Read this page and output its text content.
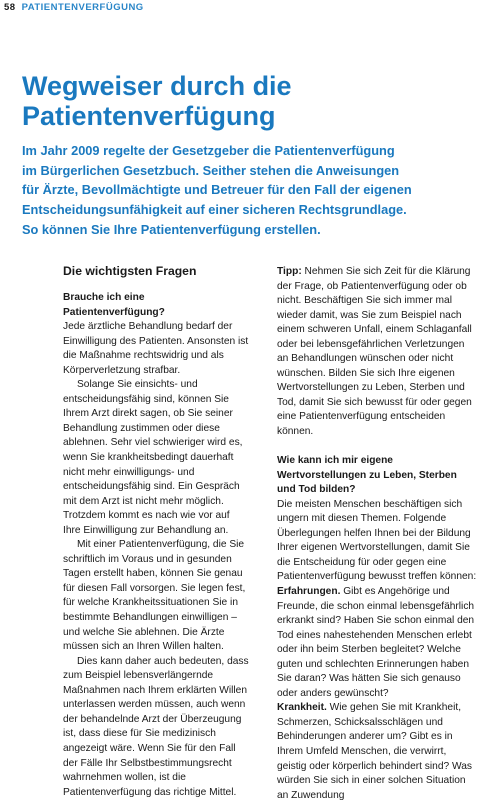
58 PATIENTENVERFÜGUNG
Wegweiser durch die
Patientenverfügung

Im Jahr 2009 regelte der Gesetzgeber die Patientenverfügung
im Bürgerlichen Gesetzbuch. Seither stehen die Anweisungen
für Ärzte, Bevollmächtigte und Betreuer für den Fall der eigenen
Entscheidungsunfähigkeit auf einer sicheren Rechtsgrundlage.
So können Sie Ihre Patientenverfügung erstellen.

Die wichtigsten Fragen

Brauche ich eine Patientenverfügung?

Jede ärztliche Behandlung bedarf der Einwilligung des Patienten. Ansonsten ist die Maßnahme rechtswidrig und als Körperverletzung strafbar.

Solange Sie einsichts- und entscheidungsfähig sind, können Sie Ihrem Arzt direkt sagen, ob Sie seiner Behandlung zustimmen oder diese ablehnen. Sehr viel schwieriger wird es, wenn Sie krankheitsbedingt dauerhaft nicht mehr einwilligungs- und entscheidungsfähig sind. Ein Gespräch mit dem Arzt ist nicht mehr möglich. Trotzdem kommt es nach wie vor auf Ihre Einwilligung zur Behandlung an.

Mit einer Patientenverfügung, die Sie schriftlich im Voraus und in gesunden Tagen erstellt haben, können Sie genau für diesen Fall vorsorgen. Sie legen fest, für welche Krankheitssituationen Sie in bestimmte Behandlungen einwilligen – und welche Sie ablehnen. Die Ärzte müssen sich an Ihren Willen halten.

Dies kann daher auch bedeuten, dass zum Beispiel lebensverlängernde Maßnahmen nach Ihrem erklärten Willen unterlassen werden müssen, auch wenn der behandelnde Arzt der Überzeugung ist, dass diese für Sie medizinisch angezeigt wäre. Wenn Sie für den Fall der Fälle Ihr Selbstbestimmungsrecht wahrnehmen wollen, ist die Patientenverfügung das richtige Mittel.

Tipp: Nehmen Sie sich Zeit für die Klärung der Frage, ob Patientenverfügung oder ob nicht. Beschäftigen Sie sich immer mal wieder damit, was Sie zum Beispiel nach einem schweren Unfall, einem Schlaganfall oder bei lebensgefährlichen Verletzungen an Behandlungen wünschen oder nicht wünschen. Bilden Sie sich Ihre eigenen Wertvorstellungen zu Leben, Sterben und Tod, damit Sie sich bewusst für oder gegen eine Patientenverfügung entscheiden können.

Wie kann ich mir eigene Wertvorstellungen zu Leben, Sterben und Tod bilden?

Die meisten Menschen beschäftigen sich ungern mit diesen Themen. Folgende Überlegungen helfen Ihnen bei der Bildung Ihrer eigenen Wertvorstellungen, damit Sie die Entscheidung für oder gegen eine Patientenverfügung bewusst treffen können:

Erfahrungen. Gibt es Angehörige und Freunde, die schon einmal lebensgefährlich erkrankt sind? Haben Sie schon einmal den Tod eines nahestehenden Menschen erlebt oder ihn beim Sterben begleitet? Welche guten und schlechten Erinnerungen haben Sie daran? Was hätten Sie sich genauso oder anders gewünscht?

Krankheit. Wie gehen Sie mit Krankheit, Schmerzen, Schicksalsschlägen und Behinderungen anderer um? Gibt es in Ihrem Umfeld Menschen, die verwirrt, geistig oder körperlich behindert sind? Was würden Sie sich in einer solchen Situation an Zuwendung
